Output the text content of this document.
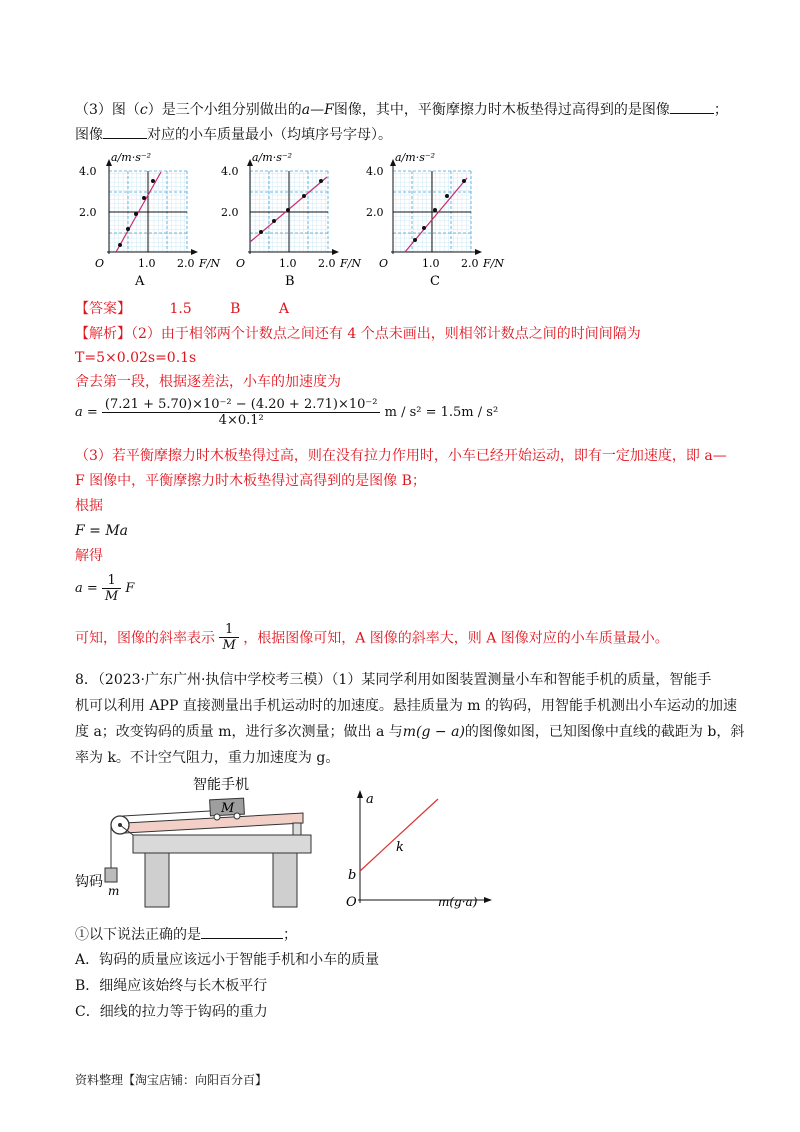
（3）图（c）是三个小组分别做出的a—F图像，其中，平衡摩擦力时木板垫得过高得到的是图像	；
图像	对应的小车质量最小（均填序号字母）。
a/m·s⁻²
4.0
2.0
O	1.0 2.0 F/N
A
a/m·s⁻²
4.0
2.0
O	1.0 2.0 F/N
B
a/m·s⁻²
4.0
2.0
O	1.0 2.0 F/N
C
【答案】	1.5	B	A
【解析】（2）由于相邻两个计数点之间还有 4 个点未画出，则相邻计数点之间的时间间隔为
T=5×0.02s=0.1s
舍去第一段，根据逐差法，小车的加速度为
$a = \frac{\text{(7.21 + 5.70)×10⁻² − (4.20 + 2.71)×10⁻²}}{\text{4×0.1²}}$ m / s² = 1.5m / s²
（3）若平衡摩擦力时木板垫得过高，则在没有拉力作用时，小车已经开始运动，即有一定加速度，即 a—
F 图像中，平衡摩擦力时木板垫得过高得到的是图像 B；
根据
F = Ma
解得
$a = \frac{1}{M}$ F
可知，图像的斜率表示 $\frac{1}{M}$ ，根据图像可知，A 图像的斜率大，则 A 图像对应的小车质量最小。
8．（2023·广东广州·执信中学校考三模）（1）某同学利用如图装置测量小车和智能手机的质量，智能手
机可以利用 APP 直接测量出手机运动时的加速度。悬挂质量为 m 的钩码，用智能手机测出小车运动的加速
度 a；改变钩码的质量 m，进行多次测量；做出 a 与m(g − a)的图像如图，已知图像中直线的截距为 b，斜
率为 k。不计空气阻力，重力加速度为 g。
M
智能手机
钩码
m
a
b
k
O	m(g·a)
①以下说法正确的是	；
A．钩码的质量应该远小于智能手机和小车的质量
B．细绳应该始终与长木板平行
C．细线的拉力等于钩码的重力
资料整理【淘宝店铺：向阳百分百】
